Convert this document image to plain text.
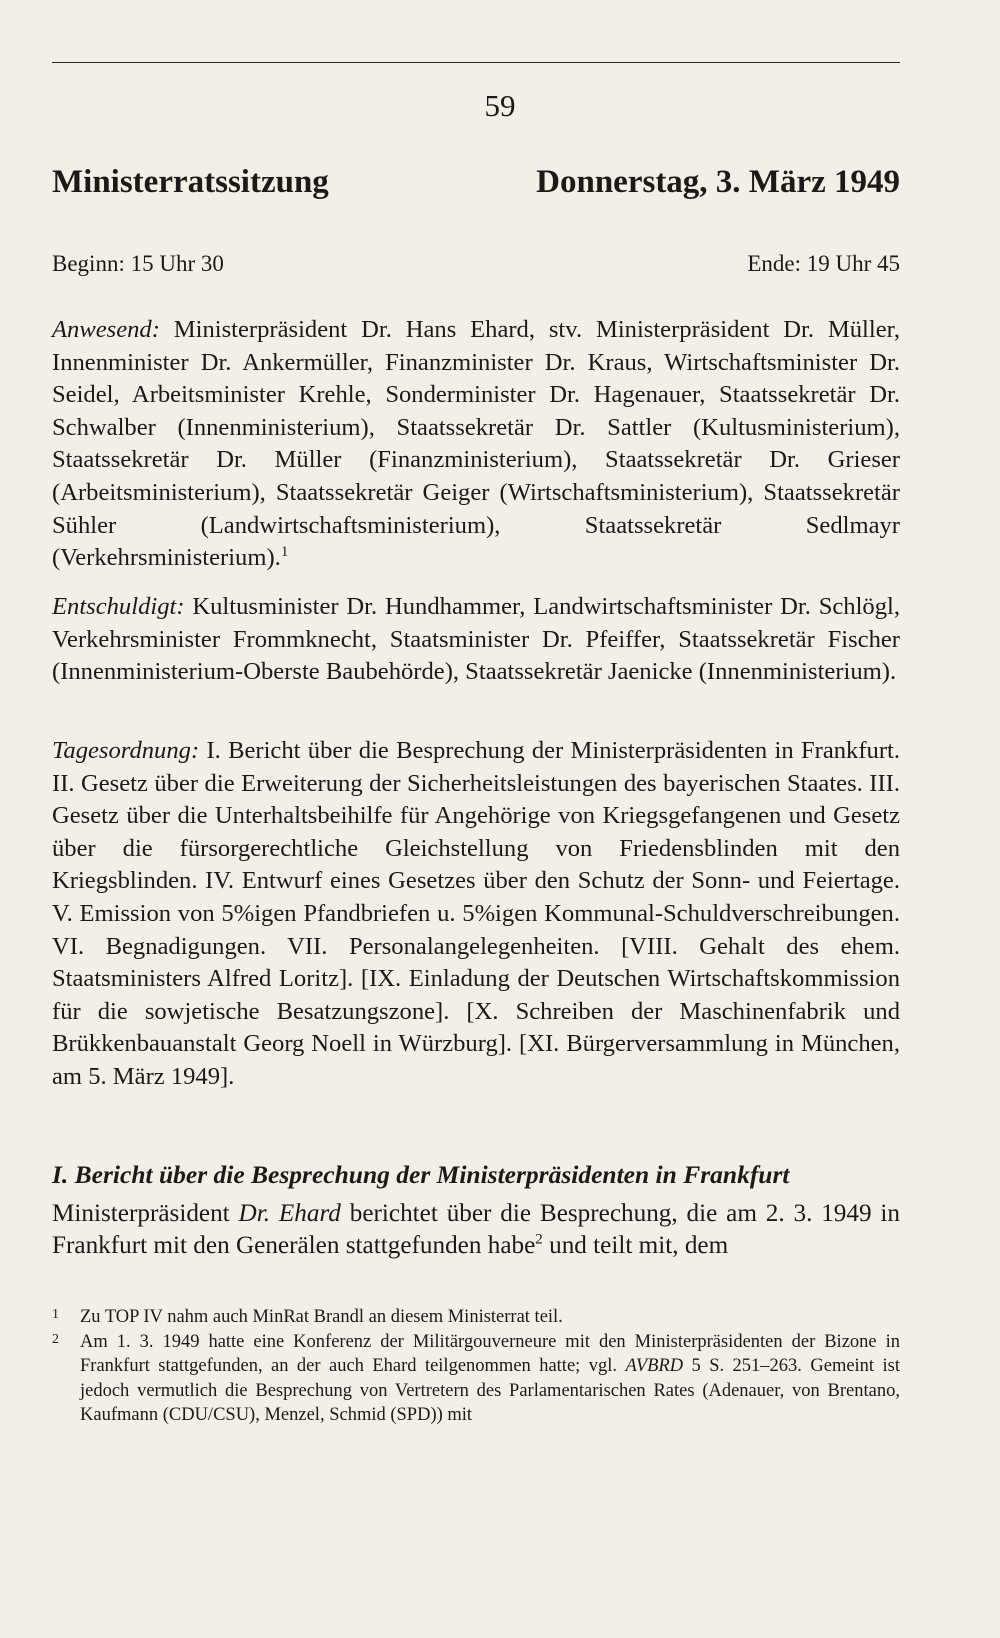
59
Ministerratssitzung	Donnerstag, 3. März 1949
Beginn: 15 Uhr 30	Ende: 19 Uhr 45

Anwesend: Ministerpräsident Dr. Hans Ehard, stv. Ministerpräsident Dr. Müller, Innenminister Dr. Ankermüller, Finanzminister Dr. Kraus, Wirtschaftsminister Dr. Seidel, Arbeitsminister Krehle, Sonderminister Dr. Hagenauer, Staatssekretär Dr. Schwalber (Innenministerium), Staatssekretär Dr. Sattler (Kultusministerium), Staatssekretär Dr. Müller (Finanzministerium), Staatssekretär Dr. Grieser (Arbeitsministerium), Staatssekretär Geiger (Wirtschaftsministerium), Staatssekretär Sühler (Landwirtschaftsministerium), Staatssekretär Sedlmayr (Verkehrsministerium).$^1$

Entschuldigt: Kultusminister Dr. Hundhammer, Landwirtschaftsminister Dr. Schlögl, Verkehrsminister Frommknecht, Staatsminister Dr. Pfeiffer, Staatssekretär Fischer (Innenministerium-Oberste Baubehörde), Staatssekretär Jaenicke (Innenministerium).

Tagesordnung: I. Bericht über die Besprechung der Ministerpräsidenten in Frankfurt. II. Gesetz über die Erweiterung der Sicherheitsleistungen des bayerischen Staates. III. Gesetz über die Unterhaltsbeihilfe für Angehörige von Kriegsgefangenen und Gesetz über die fürsorgerechtliche Gleichstellung von Friedensblinden mit den Kriegsblinden. IV. Entwurf eines Gesetzes über den Schutz der Sonn- und Feiertage. V. Emission von 5%igen Pfandbriefen u. 5%igen Kommunal-Schuldverschreibungen. VI. Begnadigungen. VII. Personalangelegenheiten. [VIII. Gehalt des ehem. Staatsministers Alfred Loritz]. [IX. Einladung der Deutschen Wirtschaftskommission für die sowjetische Besatzungszone]. [X. Schreiben der Maschinenfabrik und Brükkenbauanstalt Georg Noell in Würzburg]. [XI. Bürgerversammlung in München, am 5. März 1949].

I. Bericht über die Besprechung der Ministerpräsidenten in Frankfurt

Ministerpräsident Dr. Ehard berichtet über die Besprechung, die am 2. 3. 1949 in Frankfurt mit den Generälen stattgefunden habe$^2$ und teilt mit, dem

1	Zu TOP IV nahm auch MinRat Brandl an diesem Ministerrat teil.
2	Am 1. 3. 1949 hatte eine Konferenz der Militärgouverneure mit den Ministerpräsidenten der Bizone in Frankfurt stattgefunden, an der auch Ehard teilgenommen hatte; vgl. AVBRD 5 S. 251–263. Gemeint ist jedoch vermutlich die Besprechung von Vertretern des Parlamentarischen Rates (Adenauer, von Brentano, Kaufmann (CDU/CSU), Menzel, Schmid (SPD)) mit
